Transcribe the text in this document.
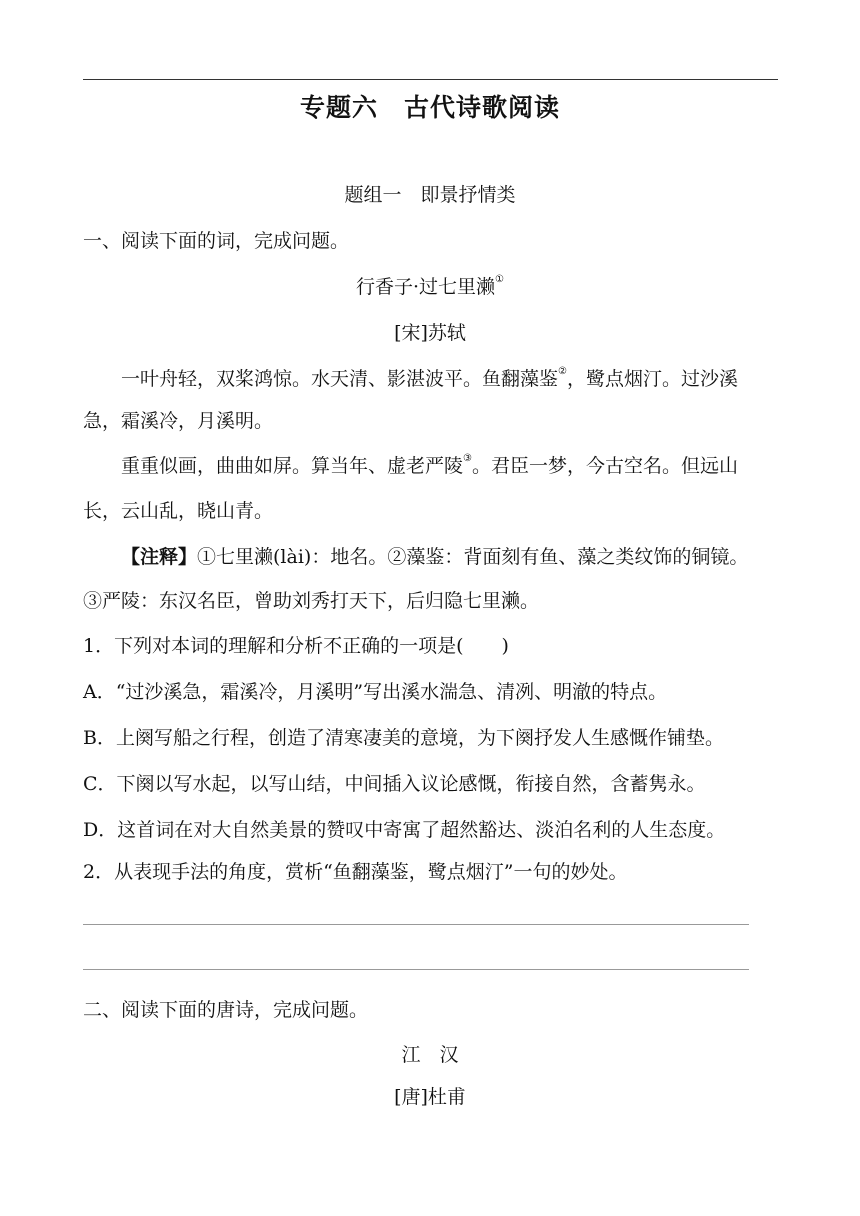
专题六　古代诗歌阅读
题组一　即景抒情类
一、阅读下面的词，完成问题。
行香子·过七里濑①
[宋]苏轼
一叶舟轻，双桨鸿惊。水天清、影湛波平。鱼翻藻鉴②，鹭点烟汀。过沙溪
急，霜溪冷，月溪明。
重重似画，曲曲如屏。算当年、虚老严陵③。君臣一梦，今古空名。但远山
长，云山乱，晓山青。
【注释】①七里濑(lài)：地名。②藻鉴：背面刻有鱼、藻之类纹饰的铜镜。
③严陵：东汉名臣，曾助刘秀打天下，后归隐七里濑。
1．下列对本词的理解和分析不正确的一项是(　　)
A．“过沙溪急，霜溪冷，月溪明”写出溪水湍急、清冽、明澈的特点。
B．上阕写船之行程，创造了清寒凄美的意境，为下阕抒发人生感慨作铺垫。
C．下阕以写水起，以写山结，中间插入议论感慨，衔接自然，含蓄隽永。
D．这首词在对大自然美景的赞叹中寄寓了超然豁达、淡泊名利的人生态度。
2．从表现手法的角度，赏析“鱼翻藻鉴，鹭点烟汀”一句的妙处。
二、阅读下面的唐诗，完成问题。
江　汉
[唐]杜甫
